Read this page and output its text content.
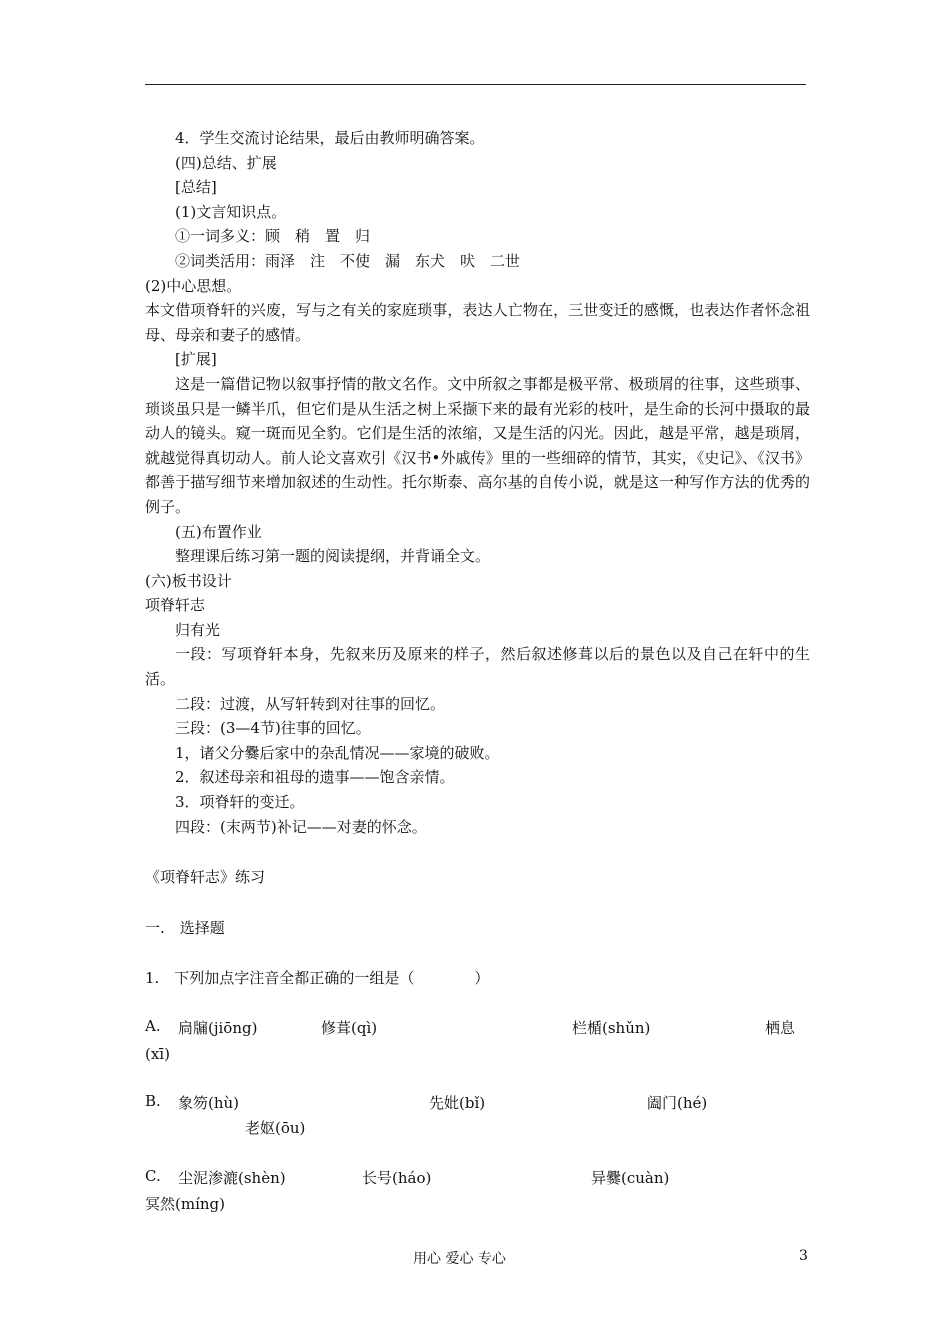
4．学生交流讨论结果，最后由教师明确答案。
(四)总结、扩展
[总结]
(1)文言知识点。
①一词多义：顾　稍　置　归
②词类活用：雨泽　注　不使　漏　东犬　吠　二世
(2)中心思想。
本文借项脊轩的兴废，写与之有关的家庭琐事，表达人亡物在，三世变迁的感慨，也表达作者怀念祖母、母亲和妻子的感情。
[扩展]
这是一篇借记物以叙事抒情的散文名作。文中所叙之事都是极平常、极琐屑的往事，这些琐事、琐谈虽只是一鳞半爪，但它们是从生活之树上采撷下来的最有光彩的枝叶，是生命的长河中摄取的最动人的镜头。窥一斑而见全豹。它们是生活的浓缩，又是生活的闪光。因此，越是平常，越是琐屑，就越觉得真切动人。前人论文喜欢引《汉书•外戚传》里的一些细碎的情节，其实，《史记》、《汉书》都善于描写细节来增加叙述的生动性。托尔斯泰、高尔基的自传小说，就是这一种写作方法的优秀的例子。
(五)布置作业
整理课后练习第一题的阅读提纲，并背诵全文。
(六)板书设计
项脊轩志
归有光
一段：写项脊轩本身，先叙来历及原来的样子，然后叙述修葺以后的景色以及自己在轩中的生活。
二段：过渡，从写轩转到对往事的回忆。
三段：(3—4节)往事的回忆。
1，诸父分爨后家中的杂乱情况——家境的破败。
2．叙述母亲和祖母的遗事——饱含亲情。
3．项脊轩的变迁。
四段：(末两节)补记——对妻的怀念。
《项脊轩志》练习
一.　选择题
1.　下列加点字注音全都正确的一组是（　　　　）
A. 扃牖(jiōng)	修葺(qì)	栏楯(shǔn)	栖息
(xī)
B. 象笏(hù)	先妣(bǐ)	阖门(hé)
老妪(ōu)
C. 尘泥渗漉(shèn)	长号(háo)	异爨(cuàn)
冥然(míng)
用心 爱心 专心	3
